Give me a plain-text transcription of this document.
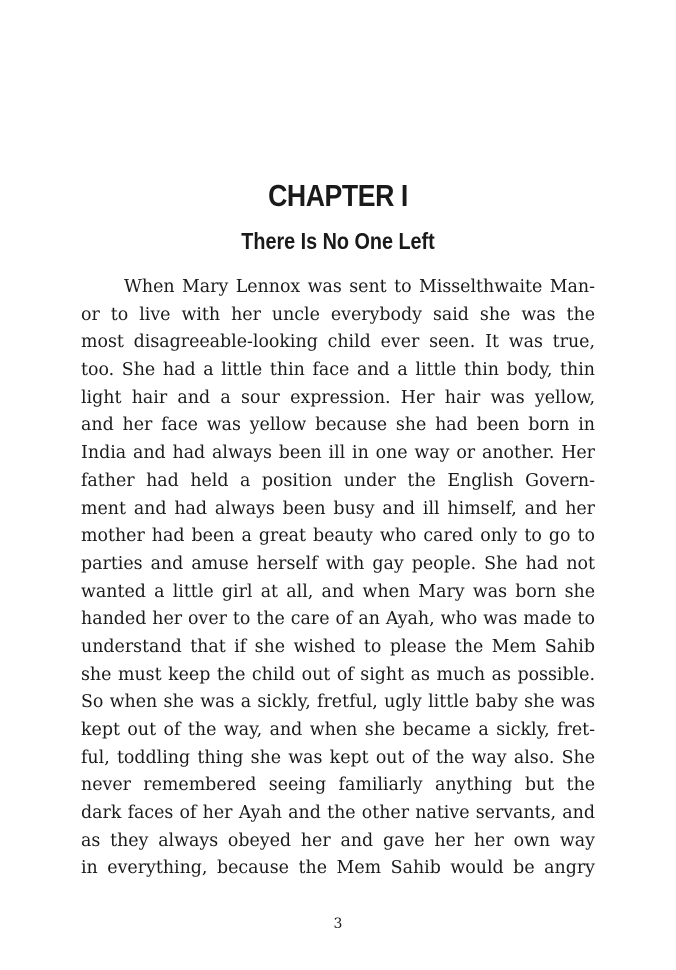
CHAPTER I
There Is No One Left
When Mary Lennox was sent to Misselthwaite Man-
or to live with her uncle everybody said she was the
most disagreeable-looking child ever seen. It was true,
too. She had a little thin face and a little thin body, thin
light hair and a sour expression. Her hair was yellow,
and her face was yellow because she had been born in
India and had always been ill in one way or another. Her
father had held a position under the English Govern-
ment and had always been busy and ill himself, and her
mother had been a great beauty who cared only to go to
parties and amuse herself with gay people. She had not
wanted a little girl at all, and when Mary was born she
handed her over to the care of an Ayah, who was made to
understand that if she wished to please the Mem Sahib
she must keep the child out of sight as much as possible.
So when she was a sickly, fretful, ugly little baby she was
kept out of the way, and when she became a sickly, fret-
ful, toddling thing she was kept out of the way also. She
never remembered seeing familiarly anything but the
dark faces of her Ayah and the other native servants, and
as they always obeyed her and gave her her own way
in everything, because the Mem Sahib would be angry
3
